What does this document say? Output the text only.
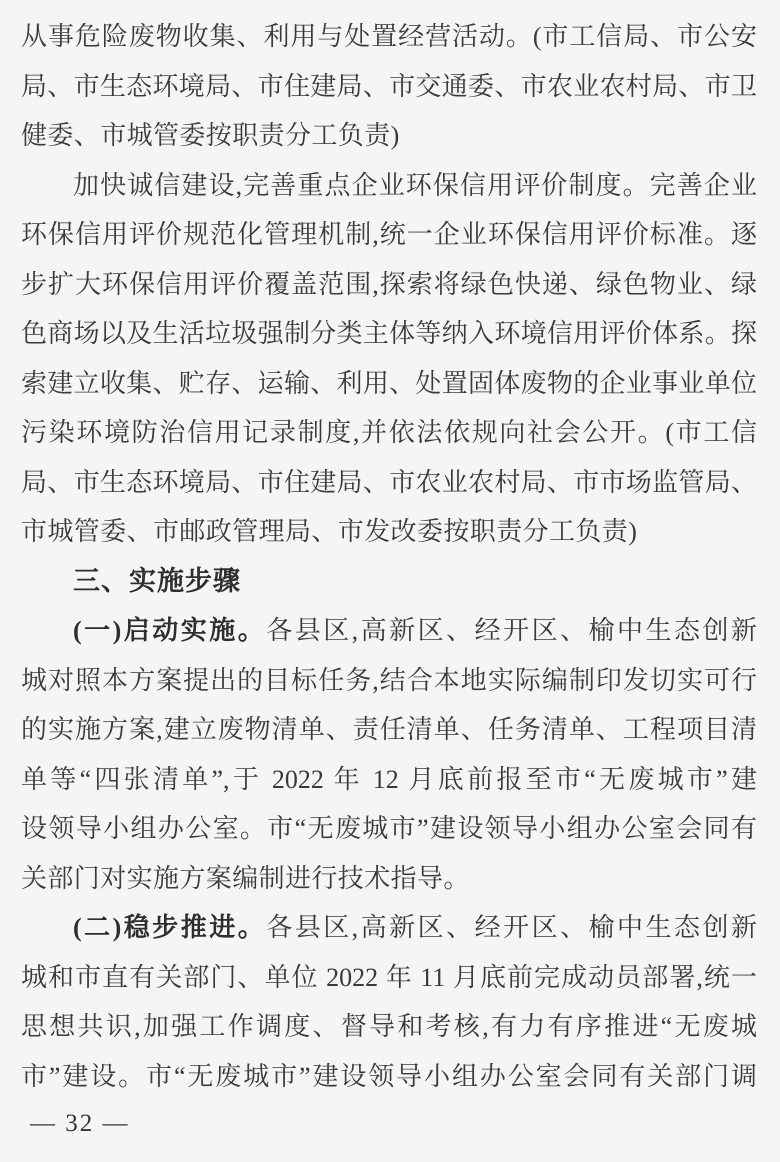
从事危险废物收集、利用与处置经营活动。(市工信局、市公安
局、市生态环境局、市住建局、市交通委、市农业农村局、市卫
健委、市城管委按职责分工负责)
加快诚信建设,完善重点企业环保信用评价制度。完善企业
环保信用评价规范化管理机制,统一企业环保信用评价标准。逐
步扩大环保信用评价覆盖范围,探索将绿色快递、绿色物业、绿
色商场以及生活垃圾强制分类主体等纳入环境信用评价体系。探
索建立收集、贮存、运输、利用、处置固体废物的企业事业单位
污染环境防治信用记录制度,并依法依规向社会公开。(市工信
局、市生态环境局、市住建局、市农业农村局、市市场监管局、
市城管委、市邮政管理局、市发改委按职责分工负责)
三、实施步骤
(一)启动实施。各县区,高新区、经开区、榆中生态创新
城对照本方案提出的目标任务,结合本地实际编制印发切实可行
的实施方案,建立废物清单、责任清单、任务清单、工程项目清
单等“四张清单”,于 2022 年 12 月底前报至市“无废城市”建
设领导小组办公室。市“无废城市”建设领导小组办公室会同有
关部门对实施方案编制进行技术指导。
(二)稳步推进。各县区,高新区、经开区、榆中生态创新
城和市直有关部门、单位 2022 年 11 月底前完成动员部署,统一
思想共识,加强工作调度、督导和考核,有力有序推进“无废城
市”建设。市“无废城市”建设领导小组办公室会同有关部门调
— 32 —
